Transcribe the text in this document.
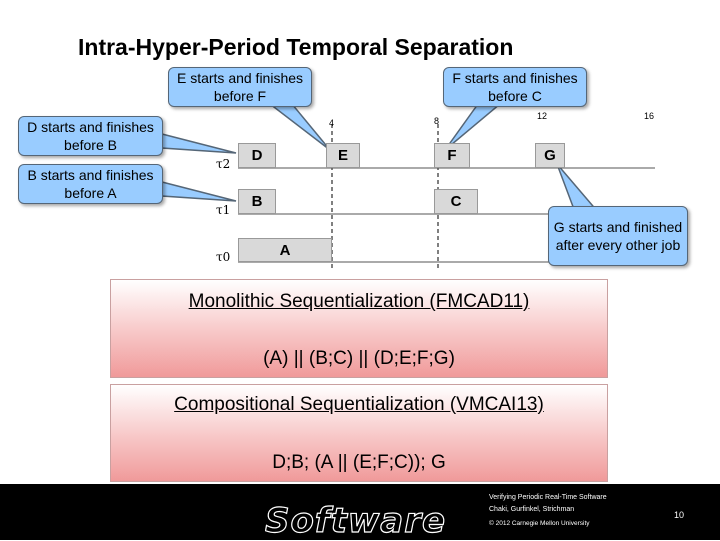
Intra-Hyper-Period Temporal Separation
E starts and finishes before F
F starts and finishes before C
D starts and finishes before B
B starts and finishes before A
G starts and finished after every other job
4	8	12	16
τ2
τ1
τ0
D	E	F	G
B	C
A
Monolithic Sequentialization (FMCAD11)
(A) || (B;C) || (D;E;F;G)
Compositional Sequentialization (VMCAI13)
D;B; (A || (E;F;C)); G
Software
Verifying Periodic Real-Time Software
Chaki, Gurfinkel, Strichman
© 2012 Carnegie Mellon University
10
